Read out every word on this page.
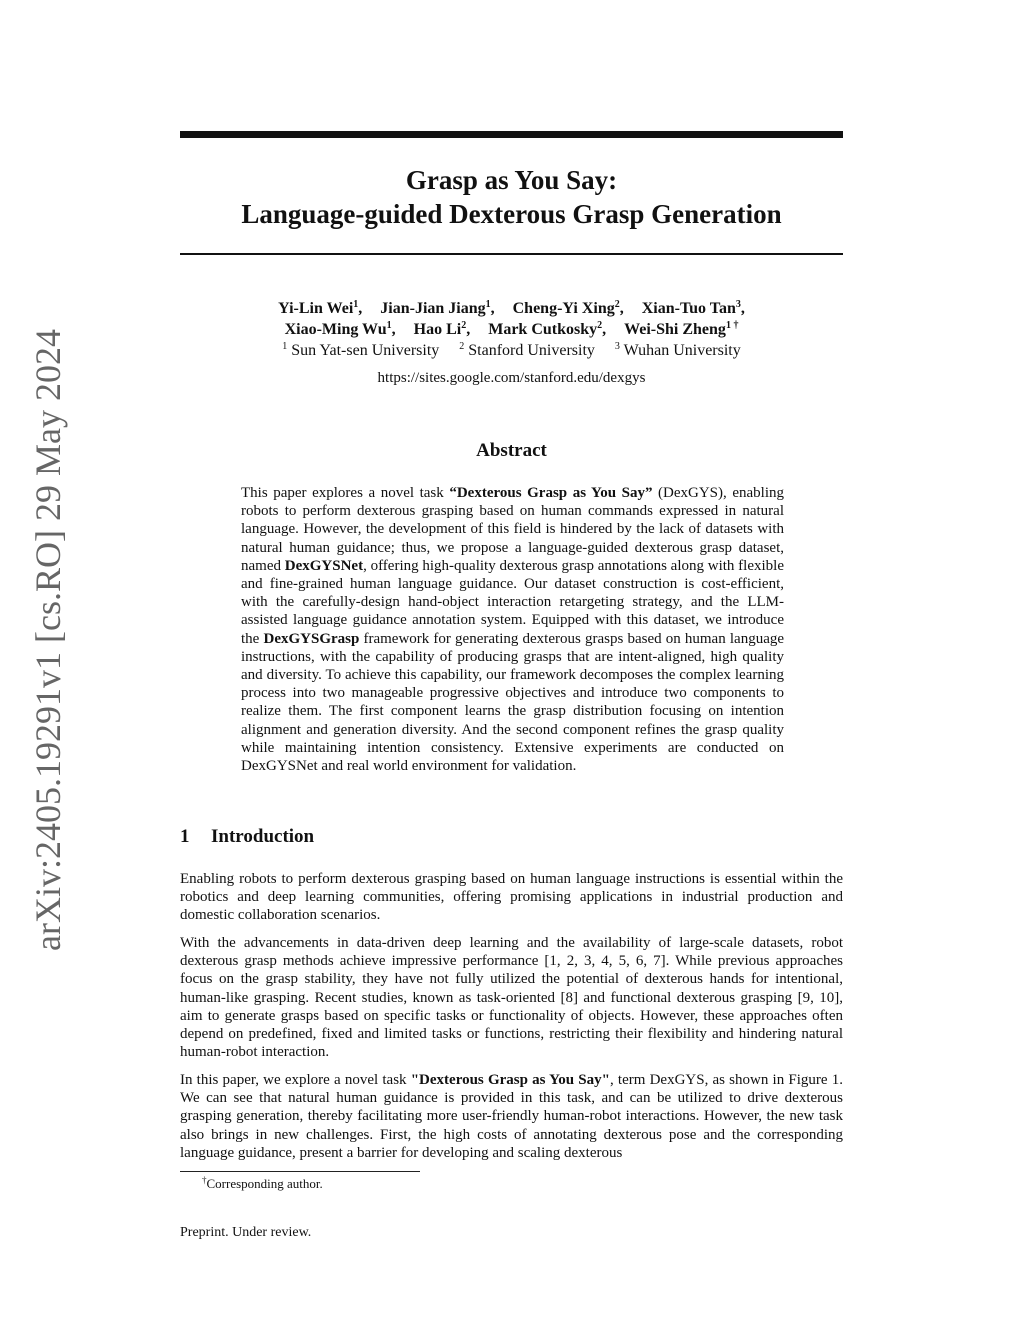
arXiv:2405.19291v1 [cs.RO] 29 May 2024
Grasp as You Say:
Language-guided Dexterous Grasp Generation
Yi-Lin Wei$^1$, Jian-Jian Jiang$^1$, Cheng-Yi Xing$^2$, Xian-Tuo Tan$^3$,
Xiao-Ming Wu$^1$, Hao Li$^2$, Mark Cutkosky$^2$, Wei-Shi Zheng$^{1 \dagger}$
$^1$ Sun Yat-sen University $^2$ Stanford University $^3$ Wuhan University
https://sites.google.com/stanford.edu/dexgys
Abstract
This paper explores a novel task “Dexterous Grasp as You Say” (DexGYS), enabling robots to perform dexterous grasping based on human commands expressed in natural language. However, the development of this field is hindered by the lack of datasets with natural human guidance; thus, we propose a language-guided dexterous grasp dataset, named DexGYSNet, offering high-quality dexterous grasp annotations along with flexible and fine-grained human language guidance. Our dataset construction is cost-efficient, with the carefully-design hand-object interaction retargeting strategy, and the LLM-assisted language guidance annotation system. Equipped with this dataset, we introduce the DexGYSGrasp framework for generating dexterous grasps based on human language instructions, with the capability of producing grasps that are intent-aligned, high quality and diversity. To achieve this capability, our framework decomposes the complex learning process into two manageable progressive objectives and introduce two components to realize them. The first component learns the grasp distribution focusing on intention alignment and generation diversity. And the second component refines the grasp quality while maintaining intention consistency. Extensive experiments are conducted on DexGYSNet and real world environment for validation.
1 Introduction
Enabling robots to perform dexterous grasping based on human language instructions is essential within the robotics and deep learning communities, offering promising applications in industrial production and domestic collaboration scenarios.
With the advancements in data-driven deep learning and the availability of large-scale datasets, robot dexterous grasp methods achieve impressive performance [1, 2, 3, 4, 5, 6, 7]. While previous approaches focus on the grasp stability, they have not fully utilized the potential of dexterous hands for intentional, human-like grasping. Recent studies, known as task-oriented [8] and functional dexterous grasping [9, 10], aim to generate grasps based on specific tasks or functionality of objects. However, these approaches often depend on predefined, fixed and limited tasks or functions, restricting their flexibility and hindering natural human-robot interaction.
In this paper, we explore a novel task "Dexterous Grasp as You Say", term DexGYS, as shown in Figure 1. We can see that natural human guidance is provided in this task, and can be utilized to drive dexterous grasping generation, thereby facilitating more user-friendly human-robot interactions. However, the new task also brings in new challenges. First, the high costs of annotating dexterous pose and the corresponding language guidance, present a barrier for developing and scaling dexterous
†Corresponding author.
Preprint. Under review.
